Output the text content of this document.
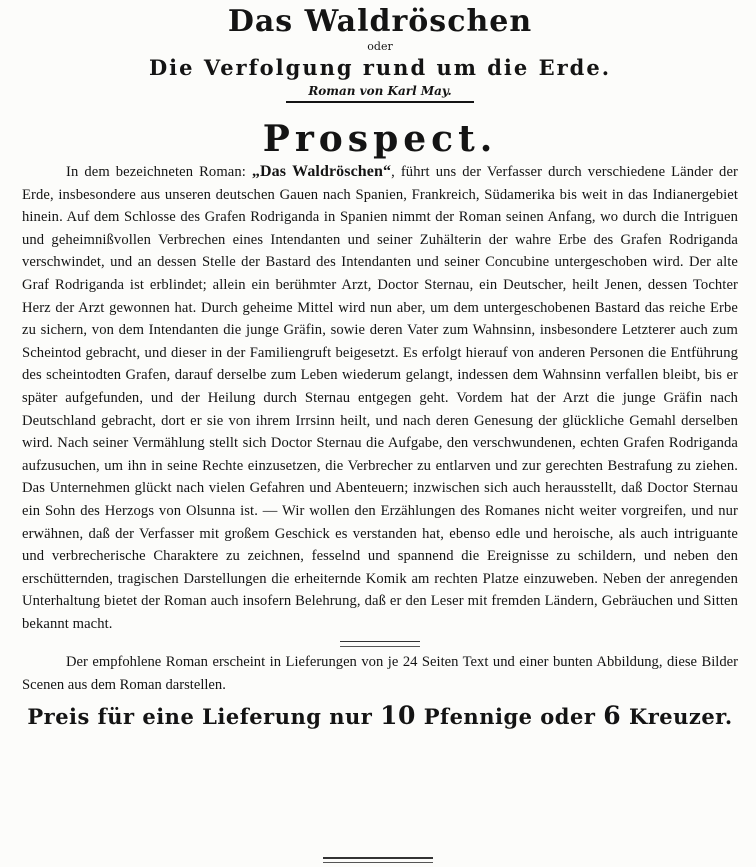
Das Waldröschen
oder
Die Verfolgung rund um die Erde.
Roman von Karl May.
Prospect.
In dem bezeichneten Roman: „Das Waldröschen“, führt uns der Verfasser durch verschiedene Länder der Erde, insbesondere aus unseren deutschen Gauen nach Spanien, Frankreich, Südamerika bis weit in das Indianergebiet hinein. Auf dem Schlosse des Grafen Rodriganda in Spanien nimmt der Roman seinen Anfang, wo durch die Intriguen und geheimnißvollen Verbrechen eines Intendanten und seiner Zuhälterin der wahre Erbe des Grafen Rodriganda verschwindet, und an dessen Stelle der Bastard des Intendanten und seiner Concubine untergeschoben wird. Der alte Graf Rodriganda ist erblindet; allein ein berühmter Arzt, Doctor Sternau, ein Deutscher, heilt Jenen, dessen Tochter Herz der Arzt gewonnen hat. Durch geheime Mittel wird nun aber, um dem untergeschobenen Bastard das reiche Erbe zu sichern, von dem Intendanten die junge Gräfin, sowie deren Vater zum Wahnsinn, insbesondere Letzterer auch zum Scheintod gebracht, und dieser in der Familiengruft beigesetzt. Es erfolgt hierauf von anderen Personen die Entführung des scheintodten Grafen, darauf derselbe zum Leben wiederum gelangt, indessen dem Wahnsinn verfallen bleibt, bis er später aufgefunden, und der Heilung durch Sternau entgegen geht. Vordem hat der Arzt die junge Gräfin nach Deutschland gebracht, dort er sie von ihrem Irrsinn heilt, und nach deren Genesung der glückliche Gemahl derselben wird. Nach seiner Vermählung stellt sich Doctor Sternau die Aufgabe, den verschwundenen, echten Grafen Rodriganda aufzusuchen, um ihn in seine Rechte einzusetzen, die Verbrecher zu entlarven und zur gerechten Bestrafung zu ziehen. Das Unternehmen glückt nach vielen Gefahren und Abenteuern; inzwischen sich auch herausstellt, daß Doctor Sternau ein Sohn des Herzogs von Olsunna ist. — Wir wollen den Erzählungen des Romanes nicht weiter vorgreifen, und nur erwähnen, daß der Verfasser mit großem Geschick es verstanden hat, ebenso edle und heroische, als auch intriguante und verbrecherische Charaktere zu zeichnen, fesselnd und spannend die Ereignisse zu schildern, und neben den erschütternden, tragischen Darstellungen die erheiternde Komik am rechten Platze einzuweben. Neben der anregenden Unterhaltung bietet der Roman auch insofern Belehrung, daß er den Leser mit fremden Ländern, Gebräuchen und Sitten bekannt macht.
Der empfohlene Roman erscheint in Lieferungen von je 24 Seiten Text und einer bunten Abbildung, diese Bilder Scenen aus dem Roman darstellen.
Preis für eine Lieferung nur 10 Pfennige oder 6 Kreuzer.
